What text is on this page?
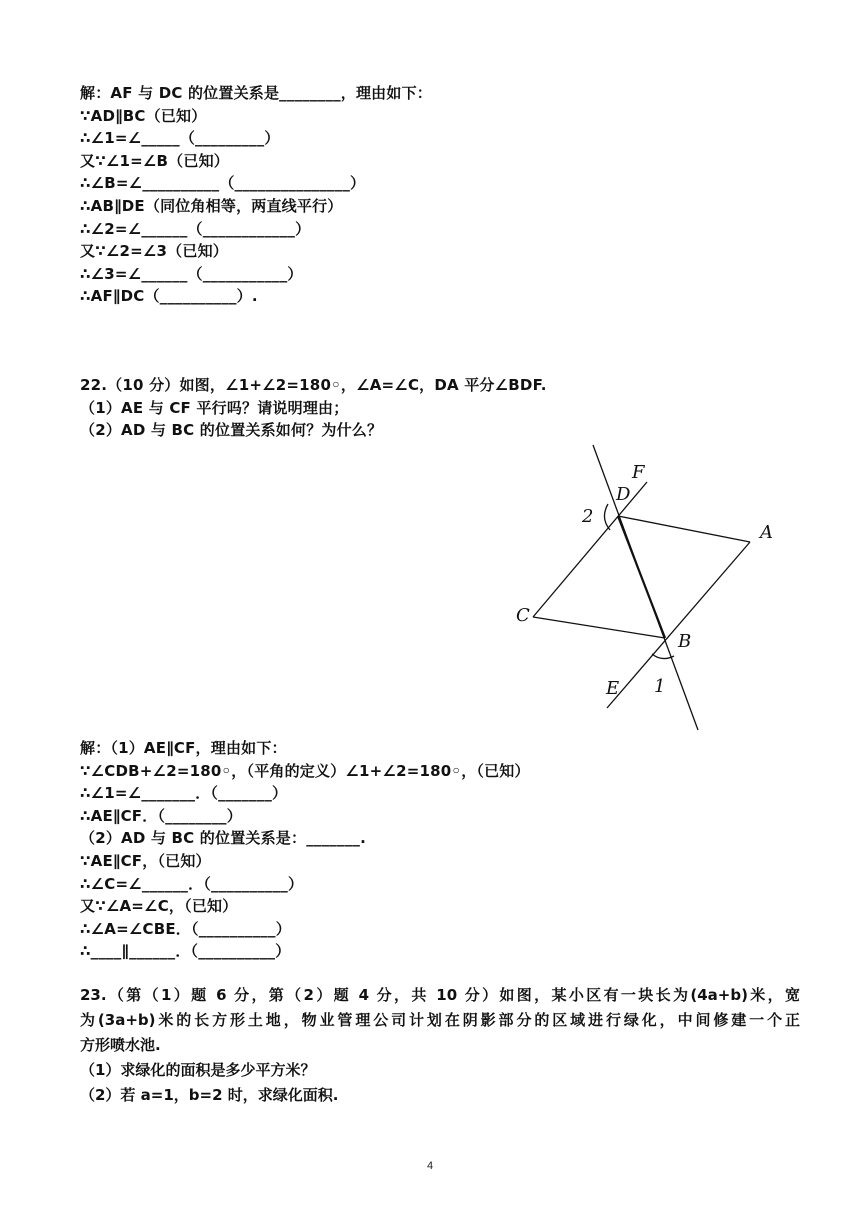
解：AF 与 DC 的位置关系是________，理由如下：
∵AD∥BC（已知）
∴∠1=∠_____（_________）
又∵∠1=∠B（已知）
∴∠B=∠__________（_______________）
∴AB∥DE（同位角相等，两直线平行）
∴∠2=∠______（____________）
又∵∠2=∠3（已知）
∴∠3=∠______（___________）
∴AF∥DC（__________）.
22.（10 分）如图，∠1+∠2=180◦，∠A=∠C，DA 平分∠BDF.
（1）AE 与 CF 平行吗？请说明理由；
（2）AD 与 BC 的位置关系如何？为什么？
F
D
2
A
C
B
E 1
解：（1）AE∥CF，理由如下：
∵∠CDB+∠2=180◦，（平角的定义）∠1+∠2=180◦，（已知）
∴∠1=∠_______．（_______）
∴AE∥CF．（________）
（2）AD 与 BC 的位置关系是：_______.
∵AE∥CF，（已知）
∴∠C=∠______．（__________）
又∵∠A=∠C，（已知）
∴∠A=∠CBE．（__________）
∴____∥______．（__________）
23.（第（1）题 6 分，第（2）题 4 分，共 10 分）如图，某小区有一块长为(4a+b)米，宽
为(3a+b)米的长方形土地，物业管理公司计划在阴影部分的区域进行绿化，中间修建一个正
方形喷水池.
（1）求绿化的面积是多少平方米？
（2）若 a=1，b=2 时，求绿化面积.
4
